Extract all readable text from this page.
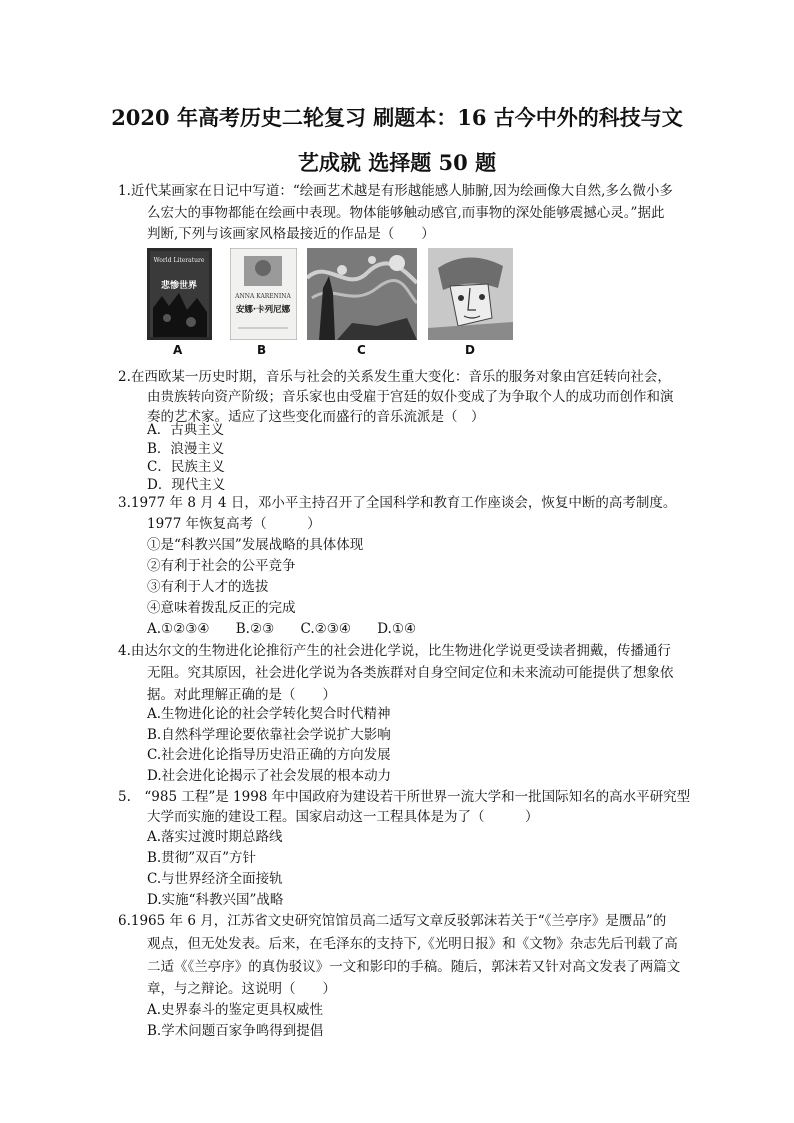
2020 年高考历史二轮复习 刷题本：16 古今中外的科技与文
艺成就 选择题 50 题
1.近代某画家在日记中写道：“绘画艺术越是有形越能感人肺腑,因为绘画像大自然,多么微小多
么宏大的事物都能在绘画中表现。物体能够触动感官,而事物的深处能够震撼心灵。”据此
判断,下列与该画家风格最接近的作品是（　　）
World Literature
悲惨世界
A
ANNA KARENINA
安娜·卡列尼娜
B	C	D
2.在西欧某一历史时期，音乐与社会的关系发生重大变化：音乐的服务对象由宫廷转向社会，
由贵族转向资产阶级；音乐家也由受雇于宫廷的奴仆变成了为争取个人的成功而创作和演
奏的艺术家。适应了这些变化而盛行的音乐流派是（　）
A．古典主义
B．浪漫主义
C．民族主义
D．现代主义
3.1977 年 8 月 4 日，邓小平主持召开了全国科学和教育工作座谈会，恢复中断的高考制度。
1977 年恢复高考（　　　）
①是“科教兴国”发展战略的具体体现
②有利于社会的公平竞争
③有利于人才的选拔
④意味着拨乱反正的完成
A.①②③④ B.②③ C.②③④ D.①④
4.由达尔文的生物进化论推衍产生的社会进化学说，比生物进化学说更受读者拥戴，传播通行
无阻。究其原因，社会进化学说为各类族群对自身空间定位和未来流动可能提供了想象依
据。对此理解正确的是（　　）
A.生物进化论的社会学转化契合时代精神
B.自然科学理论要依靠社会学说扩大影响
C.社会进化论指导历史沿正确的方向发展
D.社会进化论揭示了社会发展的根本动力
5.　“985 工程”是 1998 年中国政府为建设若干所世界一流大学和一批国际知名的高水平研究型
大学而实施的建设工程。国家启动这一工程具体是为了（　　　）
A.落实过渡时期总路线
B.贯彻”双百”方针
C.与世界经济全面接轨
D.实施“科教兴国”战略
6.1965 年 6 月，江苏省文史研究馆馆员高二适写文章反驳郭沫若关于“《兰亭序》是赝品”的
观点，但无处发表。后来，在毛泽东的支持下,《光明日报》和《文物》杂志先后刊载了高
二适《《兰亭序》的真伪驳议》一文和影印的手稿。随后，郭沫若又针对高文发表了两篇文
章，与之辩论。这说明（　　）
A.史界泰斗的鉴定更具权威性
B.学术问题百家争鸣得到提倡
